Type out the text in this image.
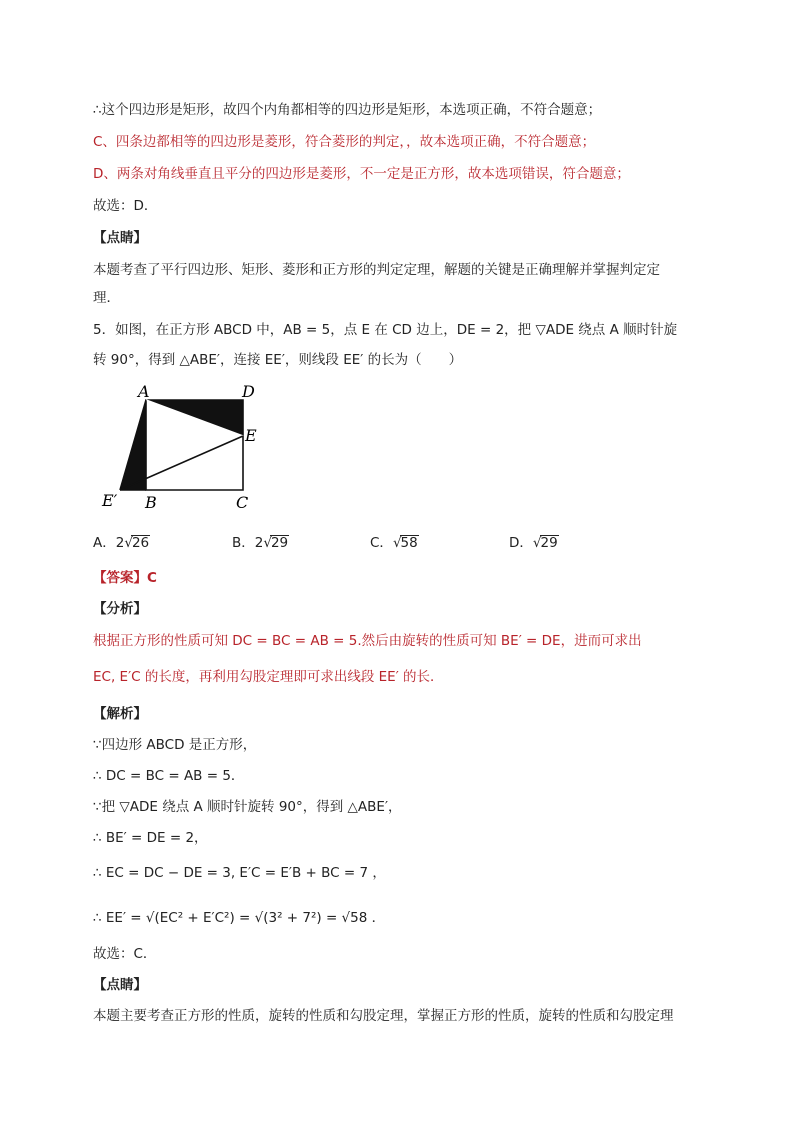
∴这个四边形是矩形，故四个内角都相等的四边形是矩形，本选项正确，不符合题意；
C、四条边都相等的四边形是菱形，符合菱形的判定，，故本选项正确，不符合题意；
D、两条对角线垂直且平分的四边形是菱形，不一定是正方形，故本选项错误，符合题意；
故选：D．
【点睛】
本题考查了平行四边形、矩形、菱形和正方形的判定定理，解题的关键是正确理解并掌握判定定
理．
5．如图，在正方形 ABCD 中，AB = 5，点 E 在 CD 边上，DE = 2，把 ▽ADE 绕点 A 顺时针旋
转 90°，得到 △ABE′，连接 EE′，则线段 EE′ 的长为（　　）
A	D
E
B	C
E′
A．2√26	B．2√29	C．√58	D．√29
【答案】C
【分析】
根据正方形的性质可知 DC = BC = AB = 5.然后由旋转的性质可知 BE′ = DE，进而可求出
EC, E′C 的长度，再利用勾股定理即可求出线段 EE′ 的长．
【解析】
∵四边形 ABCD 是正方形，
∴ DC = BC = AB = 5．
∵把 ▽ADE 绕点 A 顺时针旋转 90°，得到 △ABE′，
∴ BE′ = DE = 2，
∴ EC = DC − DE = 3, E′C = E′B + BC = 7 ，
∴ EE′ = √(EC² + E′C²) = √(3² + 7²) = √58 ．
故选：C．
【点睛】
本题主要考查正方形的性质，旋转的性质和勾股定理，掌握正方形的性质，旋转的性质和勾股定理
